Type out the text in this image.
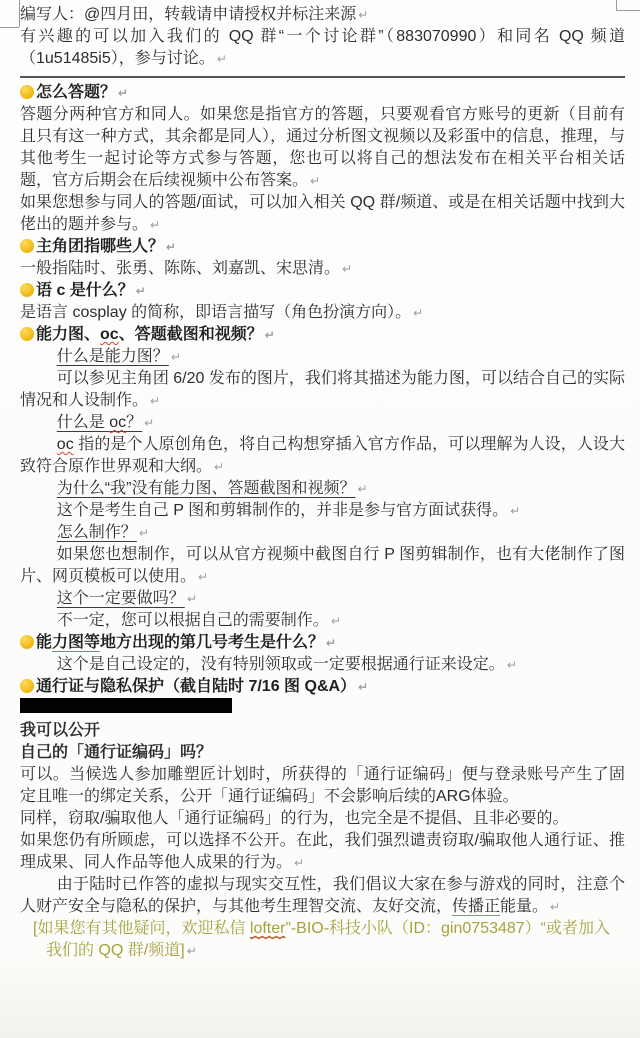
编写人：@四月田，转载请申请授权并标注来源 ↵

有兴趣的可以加入我们的 QQ 群“一个讨论群”（883070990）和同名 QQ 频道（1u51485i5），参与讨论。 ↵

怎么答题？ ↵

答题分两种官方和同人。如果您是指官方的答题，只要观看官方账号的更新（目前有且只有这一种方式，其余都是同人），通过分析图文视频以及彩蛋中的信息，推理，与其他考生一起讨论等方式参与答题，您也可以将自己的想法发布在相关平台相关话题，官方后期会在后续视频中公布答案。 ↵

如果您想参与同人的答题/面试，可以加入相关 QQ 群/频道、或是在相关话题中找到大佬出的题并参与。 ↵

主角团指哪些人？ ↵

一般指陆时、张勇、陈陈、刘嘉凯、宋思清。 ↵

语 c 是什么？ ↵

是语言 cosplay 的简称，即语言描写（角色扮演方向）。 ↵

能力图、oc、答题截图和视频？ ↵

什么是能力图？ ↵

可以参见主角团 6/20 发布的图片，我们将其描述为能力图，可以结合自己的实际情况和人设制作。 ↵

什么是 oc？ ↵

oc 指的是个人原创角色，将自己构想穿插入官方作品，可以理解为人设，人设大致符合原作世界观和大纲。 ↵

为什么“我”没有能力图、答题截图和视频？ ↵

这个是考生自己 P 图和剪辑制作的，并非是参与官方面试获得。 ↵

怎么制作？ ↵

如果您也想制作，可以从官方视频中截图自行 P 图剪辑制作，也有大佬制作了图片、网页模板可以使用。 ↵

这个一定要做吗？ ↵

不一定，您可以根据自己的需要制作。 ↵

能力图等地方出现的第几号考生是什么？ ↵

这个是自己设定的，没有特别领取或一定要根据通行证来设定。 ↵

通行证与隐私保护（截自陆时 7/16 图 Q&A） ↵

我可以公开

自己的「通行证编码」吗？

可以。当候选人参加雕塑匠计划时，所获得的「通行证编码」便与登录账号产生了固定且唯一的绑定关系，公开「通行证编码」不会影响后续的ARG体验。

同样，窃取/骗取他人「通行证编码」的行为，也完全是不提倡、且非必要的。

如果您仍有所顾虑，可以选择不公开。在此，我们强烈谴责窃取/骗取他人通行证、推理成果、同人作品等他人成果的行为。 ↵

由于陆时已作答的虚拟与现实交互性，我们倡议大家在参与游戏的同时，注意个人财产安全与隐私的保护，与其他考生理智交流、友好交流，传播正能量。 ↵

[如果您有其他疑问，欢迎私信 lofter”-BIO-科技小队（ID：gin0753487）“或者加入我们的 QQ 群/频道] ↵
